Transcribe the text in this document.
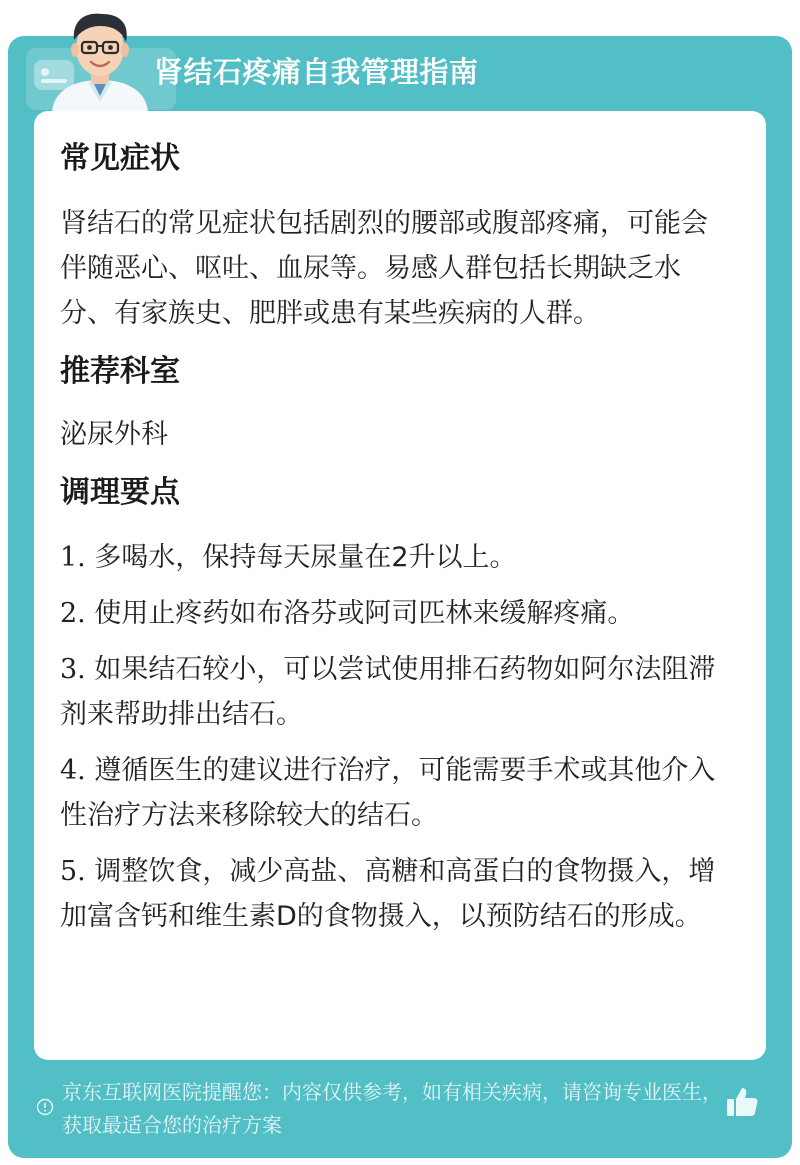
肾结石疼痛自我管理指南
常见症状

肾结石的常见症状包括剧烈的腰部或腹部疼痛，可能会伴随恶心、呕吐、血尿等。易感人群包括长期缺乏水分、有家族史、肥胖或患有某些疾病的人群。

推荐科室

泌尿外科

调理要点
1. 多喝水，保持每天尿量在2升以上。
2. 使用止疼药如布洛芬或阿司匹林来缓解疼痛。
3. 如果结石较小，可以尝试使用排石药物如阿尔法阻滞剂来帮助排出结石。
4. 遵循医生的建议进行治疗，可能需要手术或其他介入性治疗方法来移除较大的结石。
5. 调整饮食，减少高盐、高糖和高蛋白的食物摄入，增加富含钙和维生素D的食物摄入，以预防结石的形成。
京东互联网医院提醒您：内容仅供参考，如有相关疾病，请咨询专业医生，获取最适合您的治疗方案
